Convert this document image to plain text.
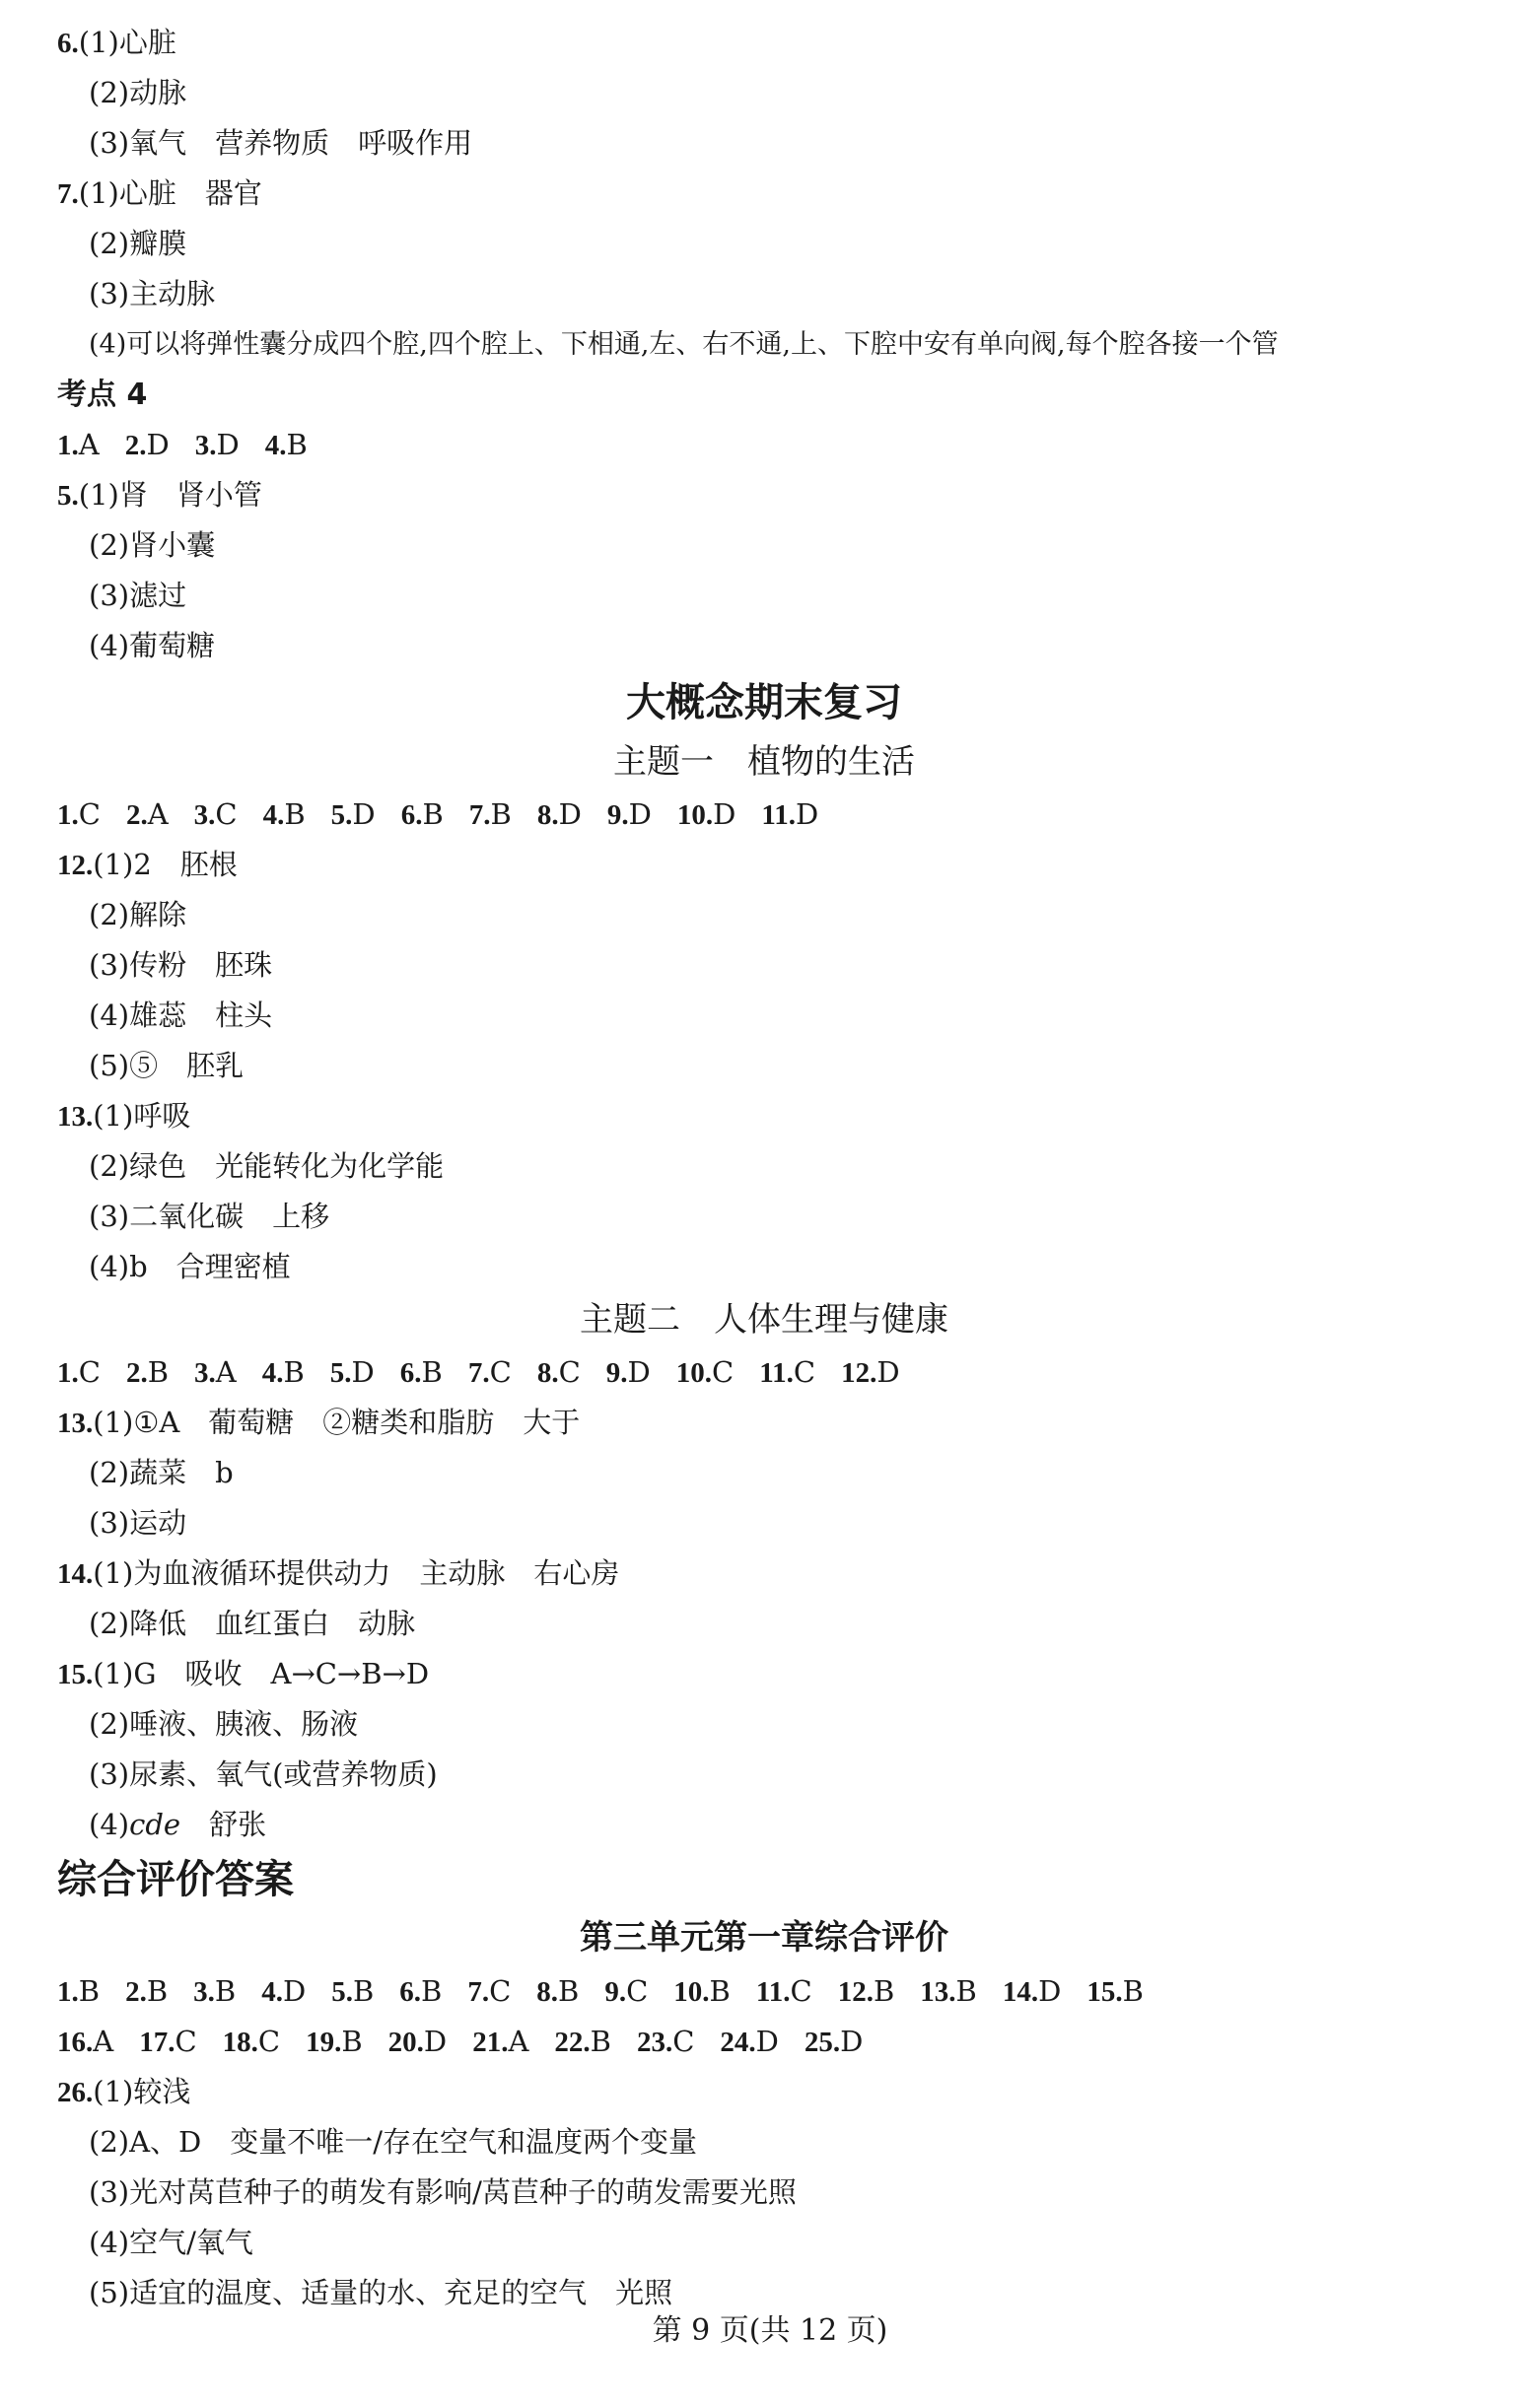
6.(1)心脏
(2)动脉
(3)氧气　营养物质　呼吸作用
7.(1)心脏　器官
(2)瓣膜
(3)主动脉
(4)可以将弹性囊分成四个腔,四个腔上、下相通,左、右不通,上、下腔中安有单向阀,每个腔各接一个管
考点 4
1.A 2.D 3.D 4.B
5.(1)肾　肾小管
(2)肾小囊
(3)滤过
(4)葡萄糖
大概念期末复习
主题一　植物的生活
1.C 2.A 3.C 4.B 5.D 6.B 7.B 8.D 9.D 10.D 11.D
12.(1)2　胚根
(2)解除
(3)传粉　胚珠
(4)雄蕊　柱头
(5)⑤　胚乳
13.(1)呼吸
(2)绿色　光能转化为化学能
(3)二氧化碳　上移
(4)b　合理密植
主题二　人体生理与健康
1.C 2.B 3.A 4.B 5.D 6.B 7.C 8.C 9.D 10.C 11.C 12.D
13.(1)①A　葡萄糖　②糖类和脂肪　大于
(2)蔬菜　b
(3)运动
14.(1)为血液循环提供动力　主动脉　右心房
(2)降低　血红蛋白　动脉
15.(1)G　吸收　A→C→B→D
(2)唾液、胰液、肠液
(3)尿素、氧气(或营养物质)
(4)cde　舒张
综合评价答案
第三单元第一章综合评价
1.B 2.B 3.B 4.D 5.B 6.B 7.C 8.B 9.C 10.B 11.C 12.B 13.B 14.D 15.B
16.A 17.C 18.C 19.B 20.D 21.A 22.B 23.C 24.D 25.D
26.(1)较浅
(2)A、D　变量不唯一/存在空气和温度两个变量
(3)光对莴苣种子的萌发有影响/莴苣种子的萌发需要光照
(4)空气/氧气
(5)适宜的温度、适量的水、充足的空气　光照
第 9 页(共 12 页)
